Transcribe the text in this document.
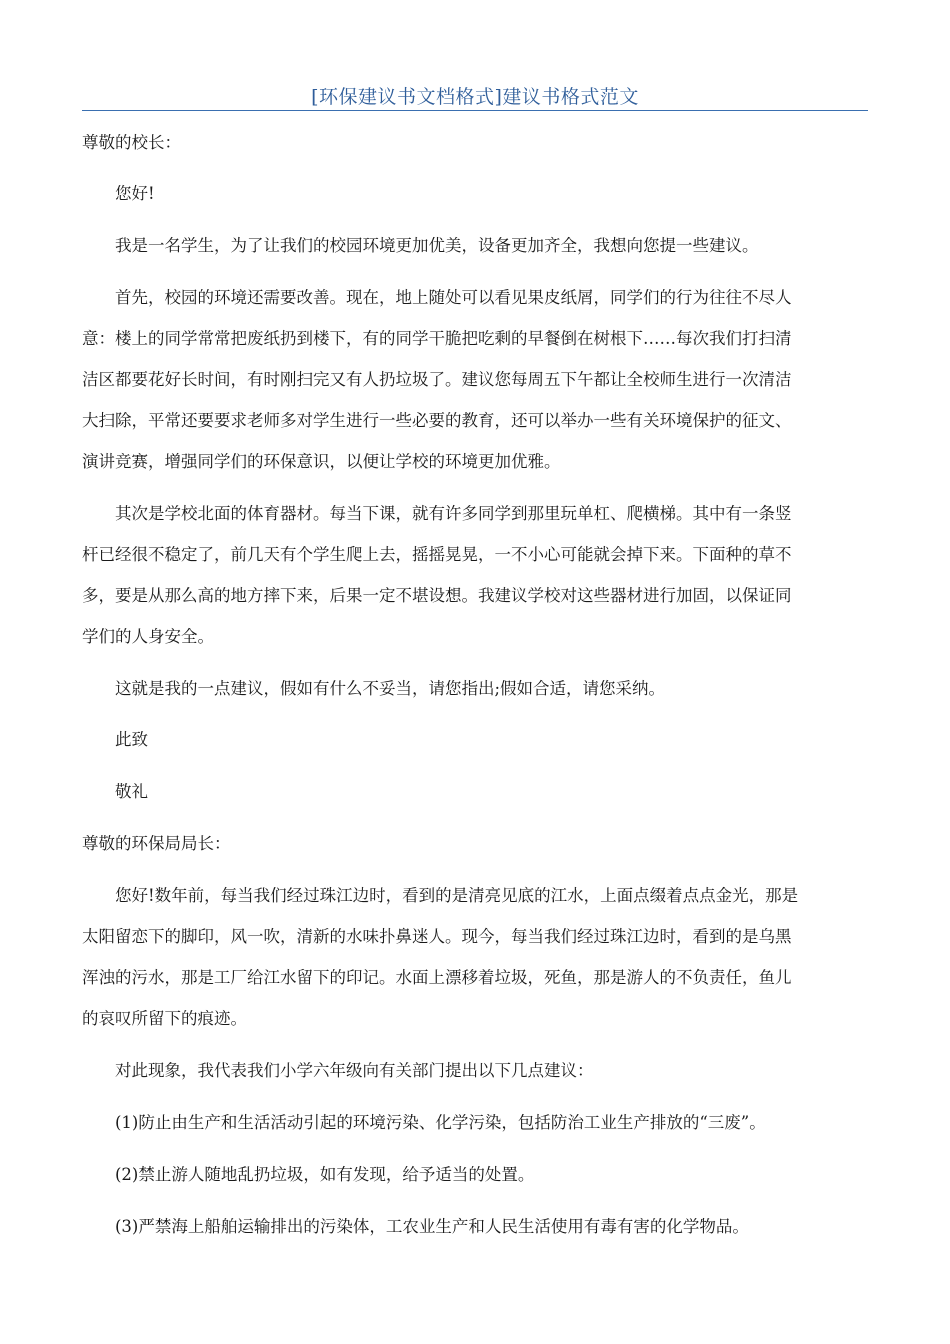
[环保建议书文档格式]建议书格式范文
尊敬的校长：
您好!
我是一名学生，为了让我们的校园环境更加优美，设备更加齐全，我想向您提一些建议。
首先，校园的环境还需要改善。现在，地上随处可以看见果皮纸屑，同学们的行为往往不尽人
意：楼上的同学常常把废纸扔到楼下，有的同学干脆把吃剩的早餐倒在树根下……每次我们打扫清
洁区都要花好长时间，有时刚扫完又有人扔垃圾了。建议您每周五下午都让全校师生进行一次清洁
大扫除，平常还要要求老师多对学生进行一些必要的教育，还可以举办一些有关环境保护的征文、
演讲竞赛，增强同学们的环保意识，以便让学校的环境更加优雅。
其次是学校北面的体育器材。每当下课，就有许多同学到那里玩单杠、爬横梯。其中有一条竖
杆已经很不稳定了，前几天有个学生爬上去，摇摇晃晃，一不小心可能就会掉下来。下面种的草不
多，要是从那么高的地方摔下来，后果一定不堪设想。我建议学校对这些器材进行加固，以保证同
学们的人身安全。
这就是我的一点建议，假如有什么不妥当，请您指出;假如合适，请您采纳。
此致
敬礼
尊敬的环保局局长：
您好!数年前，每当我们经过珠江边时，看到的是清亮见底的江水，上面点缀着点点金光，那是
太阳留恋下的脚印，风一吹，清新的水味扑鼻迷人。现今，每当我们经过珠江边时，看到的是乌黑
浑浊的污水，那是工厂给江水留下的印记。水面上漂移着垃圾，死鱼，那是游人的不负责任，鱼儿
的哀叹所留下的痕迹。
对此现象，我代表我们小学六年级向有关部门提出以下几点建议：
(1)防止由生产和生活活动引起的环境污染、化学污染，包括防治工业生产排放的“三废”。
(2)禁止游人随地乱扔垃圾，如有发现，给予适当的处置。
(3)严禁海上船舶运输排出的污染体，工农业生产和人民生活使用有毒有害的化学物品。
